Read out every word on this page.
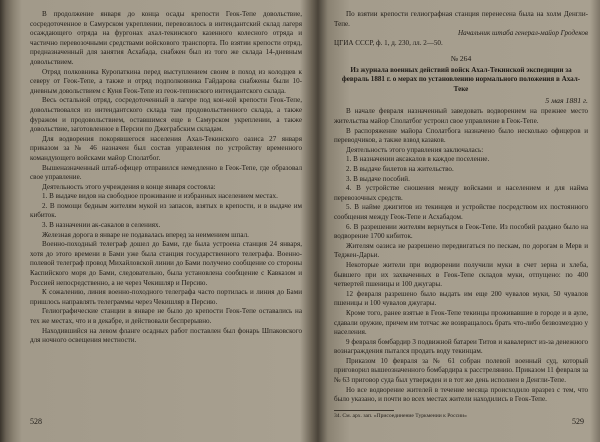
В продолжение января до конца осады крепости Геок-Тепе довольствие, сосредоточенное в Самурском укреплении, перевозилось в интендантский склад лагеря осаждающего отряда на фургонах ахал-текинского казенного колесного отряда и частично перевозочными средствами войскового транспорта. По взятии крепости отряд, предназначенный для занятия Асхабада, снабжен был из того же склада 14-дневным довольствием.

Отряд полковника Куропаткина перед выступлением своим в поход из колодцев к северу от Геок-Тепе, а также и отряд подполковника Гайдарова снабжены были 10-дневным довольствием с Куня Геок-Тепе из геок-тепинского интендантского склада.

Весь остальной отряд, сосредоточенный в лагере под кон-кой крепости Геок-Тепе, довольствовался из интендантского склада там продовольственного склада, а также фуражом и продовольствием, оставшимся еще в Самурском укреплении, а также довольствие, заготовленное в Персии по Джеграбским складам.

Для водворения покорявшегося населения Ахал-Текинского оазиса 27 января приказом за № 46 назначен был состав управления по устройству временного командующего войсками майор Сполатбог.

Вышеназначенный штаб-офицер отправился немедленно в Геок-Тепе, где образовал свое управление.

Деятельность этого учреждения в конце января состояла:

1. В выдаче видов на свободное проживание и избранных населением местах.

2. В помощи бедным жителям мукой из запасов, взятых в крепости, и в выдаче им кибиток.

3. В назначении ак-сакалов в селениях.

Железная дорога в январе не подавалась вперед за неимением шпал.

Военно-походный телеграф дошел до Бами, где была устроена станция 24 января, хотя до этого времени в Бами уже была станция государственного телеграфа. Военно-полевой телеграф провод Михайловской линии до Бами получено сообщение со стороны Каспийского моря до Бами, следовательно, была установлена сообщение с Кавказом и Россией непосредственно, а не через Чекишляр и Персию.

К сожалению, линия военно-походного телеграфа часто портилась и линия до Бами пришлось направлять телеграммы через Чекишляр в Персию.

Гелиографические станции в январе не было до крепости Геок-Тепе оставались на тех же местах, что и в декабре, и действовали беспрерывно.

Находившийся на левом фланге осадных работ поставлен был фонарь Шпаковского для ночного освещения местности.

528

По взятии крепости гелиографная станция перенесена была на холм Денгли-Тепе.

Начальник штаба генерал-майор Гродеков

ЦГИА СССР, ф. 1, д. 230, лл. 2—50.

№ 264

Из журнала военных действий войск Ахал-Текинской экспедиции за февраль 1881 г. о мерах по установлению нормального положения в Ахал-Теке

5 мая 1881 г.

В начале февраля назначенный заведовать водворением на прежнее место жительства майор Сполатбог устроил свое управление в Геок-Тепе.

В распоряжение майора Сполатбога назначено было несколько офицеров и переводчиков, а также взвод казаков.

Деятельность этого управления заключалась:

1. В назначении аксакалов в каждое поселение.

2. В выдаче билетов на жительство.

3. В выдаче пособий.

4. В устройстве сношения между войсками и населением и для найма перевозочных средств.

5. В найме джигитов из текинцев и устройстве посредством их постоянного сообщения между Геок-Тепе и Асхабадом.

6. В разрешении жителям вернуться в Геок-Тепе. Из пособий раздано было на водворение 1700 кибиток.

Жителям оазиса не разрешено передвигаться по пескам, по дорогам в Мерв и Теджен-Дарьи.

Некоторые жители при водворении получили муки в счет зерна и хлеба, бывшего при их захваченных в Геок-Тепе складов муки, отпущено: по 400 четвертей пшеницы и 100 джугары.

12 февраля разрешено было выдать им еще 200 чувалов муки, 50 чувалов пшеницы и 100 чувалов джугары.

Кроме того, ранее взятые в Геок-Тепе текинцы проживавшие в городе и в ауле, сдавали оружие, причем им тотчас же возвращалось брать что-либо безвозмездно у населения.

9 февраля бомбардир 3 подвижной батареи Титов и кавалерист из-за денежного вознаграждения пытался продать воду текинцам.

Приказом 10 февраля за № 61 собран полевой военный суд, который приговорил вышеозначенного бомбардира к расстрелянию. Приказом 11 февраля за № 63 приговор суда был утвержден и в тот же день исполнен в Денгли-Тепе.

Но все водворение жителей в течение месяца происходило вразрез с тем, что было указано, и почти во всех местах жители находились в Геок-Тепе.

34. См. арх. зап. «Присоединение Туркмении к России»
529
